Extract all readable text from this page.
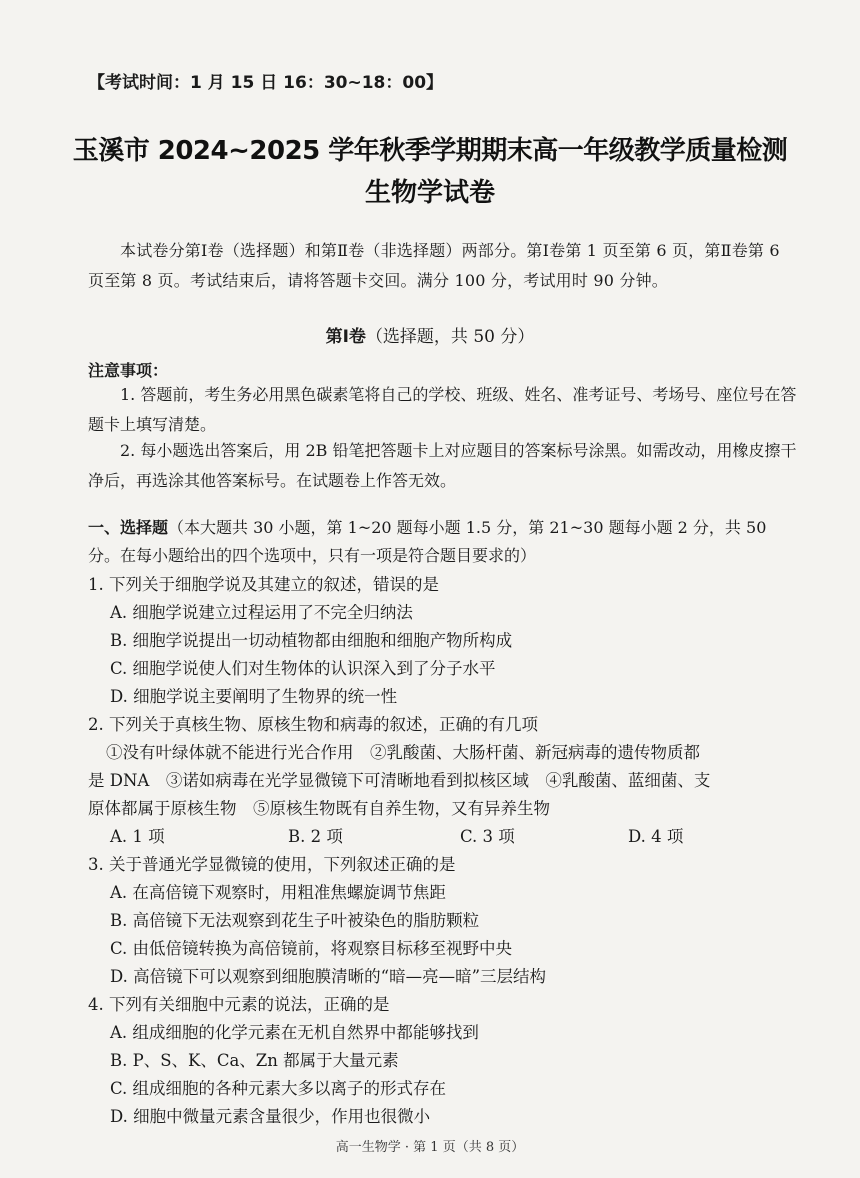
【考试时间：1 月 15 日 16：30~18：00】
玉溪市 2024~2025 学年秋季学期期末高一年级教学质量检测
生物学试卷
本试卷分第Ⅰ卷（选择题）和第Ⅱ卷（非选择题）两部分。第Ⅰ卷第 1 页至第 6 页，第Ⅱ卷第 6 页至第 8 页。考试结束后，请将答题卡交回。满分 100 分，考试用时 90 分钟。
第Ⅰ卷（选择题，共 50 分）
注意事项：
1. 答题前，考生务必用黑色碳素笔将自己的学校、班级、姓名、准考证号、考场号、座位号在答题卡上填写清楚。
2. 每小题选出答案后，用 2B 铅笔把答题卡上对应题目的答案标号涂黑。如需改动，用橡皮擦干净后，再选涂其他答案标号。在试题卷上作答无效。
一、选择题（本大题共 30 小题，第 1~20 题每小题 1.5 分，第 21~30 题每小题 2 分，共 50 分。在每小题给出的四个选项中，只有一项是符合题目要求的）
1. 下列关于细胞学说及其建立的叙述，错误的是
A. 细胞学说建立过程运用了不完全归纳法
B. 细胞学说提出一切动植物都由细胞和细胞产物所构成
C. 细胞学说使人们对生物体的认识深入到了分子水平
D. 细胞学说主要阐明了生物界的统一性
2. 下列关于真核生物、原核生物和病毒的叙述，正确的有几项
①没有叶绿体就不能进行光合作用　②乳酸菌、大肠杆菌、新冠病毒的遗传物质都
是 DNA　③诺如病毒在光学显微镜下可清晰地看到拟核区域　④乳酸菌、蓝细菌、支
原体都属于原核生物　⑤原核生物既有自养生物，又有异养生物
A. 1 项	B. 2 项	C. 3 项	D. 4 项
3. 关于普通光学显微镜的使用，下列叙述正确的是
A. 在高倍镜下观察时，用粗准焦螺旋调节焦距
B. 高倍镜下无法观察到花生子叶被染色的脂肪颗粒
C. 由低倍镜转换为高倍镜前，将观察目标移至视野中央
D. 高倍镜下可以观察到细胞膜清晰的“暗—亮—暗”三层结构
4. 下列有关细胞中元素的说法，正确的是
A. 组成细胞的化学元素在无机自然界中都能够找到
B. P、S、K、Ca、Zn 都属于大量元素
C. 组成细胞的各种元素大多以离子的形式存在
高一生物学 · 第 1 页（共 8 页）
D. 细胞中微量元素含量很少，作用也很微小
